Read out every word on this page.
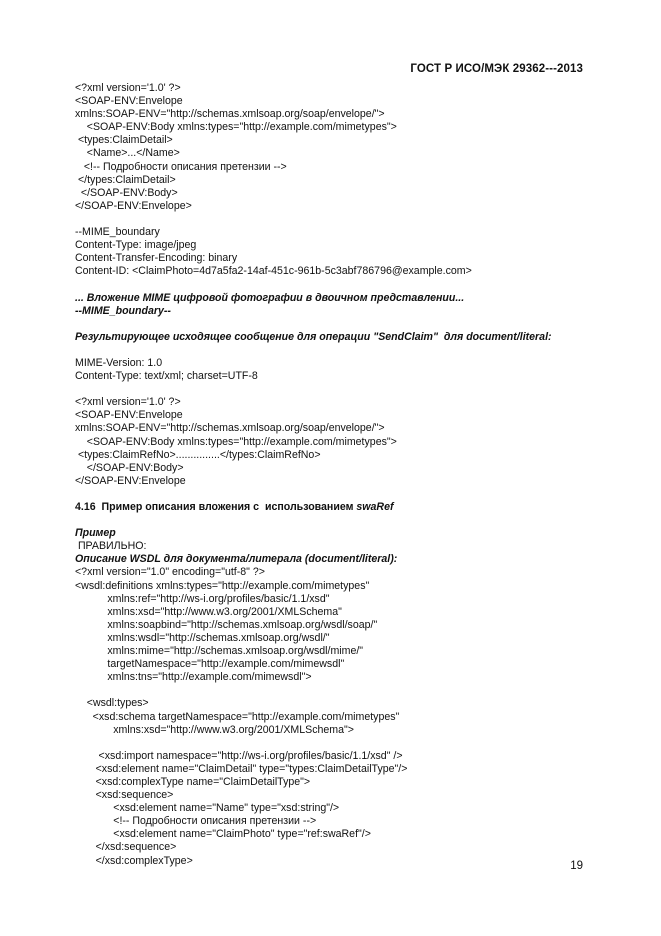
ГОСТ Р ИСО/МЭК 29362---2013
<?xml version='1.0' ?>
<SOAP-ENV:Envelope
xmlns:SOAP-ENV="http://schemas.xmlsoap.org/soap/envelope/">
<SOAP-ENV:Body xmlns:types="http://example.com/mimetypes">
<types:ClaimDetail>
<Name>...</Name>
<!-- Подробности описания претензии -->
</types:ClaimDetail>
</SOAP-ENV:Body>
</SOAP-ENV:Envelope>
--MIME_boundary
Content-Type: image/jpeg
Content-Transfer-Encoding: binary
Content-ID: <ClaimPhoto=4d7a5fa2-14af-451c-961b-5c3abf786796@example.com>
... Вложение MIME цифровой фотографии в двоичном представлении...
--MIME_boundary--
Результирующее исходящее сообщение для операции "SendClaim"  для document/literal:
MIME-Version: 1.0
Content-Type: text/xml; charset=UTF-8
<?xml version='1.0' ?>
<SOAP-ENV:Envelope
xmlns:SOAP-ENV="http://schemas.xmlsoap.org/soap/envelope/">
<SOAP-ENV:Body xmlns:types="http://example.com/mimetypes">
<types:ClaimRefNo>...............</types:ClaimRefNo>
</SOAP-ENV:Body>
</SOAP-ENV:Envelope
4.16  Пример описания вложения с  использованием swaRef
Пример
ПРАВИЛЬНО:
Описание WSDL для документа/литерала (document/literal):
<?xml version="1.0" encoding="utf-8" ?>
<wsdl:definitions xmlns:types="http://example.com/mimetypes"
xmlns:ref="http://ws-i.org/profiles/basic/1.1/xsd"
xmlns:xsd="http://www.w3.org/2001/XMLSchema"
xmlns:soapbind="http://schemas.xmlsoap.org/wsdl/soap/"
xmlns:wsdl="http://schemas.xmlsoap.org/wsdl/"
xmlns:mime="http://schemas.xmlsoap.org/wsdl/mime/"
targetNamespace="http://example.com/mimewsdl"
xmlns:tns="http://example.com/mimewsdl">
<wsdl:types>
<xsd:schema targetNamespace="http://example.com/mimetypes"
xmlns:xsd="http://www.w3.org/2001/XMLSchema">
<xsd:import namespace="http://ws-i.org/profiles/basic/1.1/xsd" />
<xsd:element name="ClaimDetail" type="types:ClaimDetailType"/>
<xsd:complexType name="ClaimDetailType">
<xsd:sequence>
<xsd:element name="Name" type="xsd:string"/>
<!-- Подробности описания претензии -->
<xsd:element name="ClaimPhoto" type="ref:swaRef"/>
</xsd:sequence>
</xsd:complexType>	19
